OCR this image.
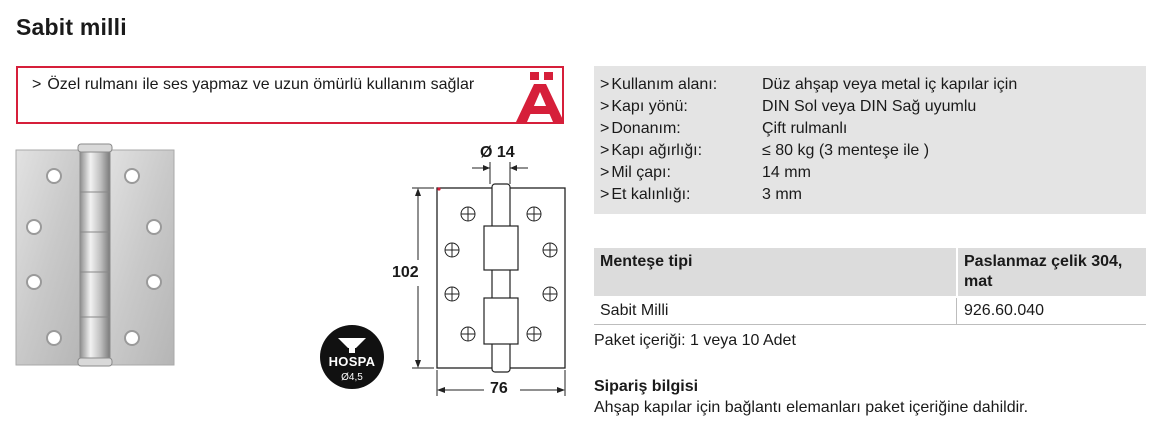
Sabit milli
> Özel rulmanı ile ses yapmaz ve uzun ömürlü kullanım sağlar
Ø 14
102
76
HOSPA
Ø4,5
> Kullanım alanı:	Düz ahşap veya metal iç kapılar için
> Kapı yönü:	DIN Sol veya DIN Sağ uyumlu
> Donanım:	Çift rulmanlı
> Kapı ağırlığı:	≤ 80 kg (3 menteşe ile )
> Mil çapı:	14 mm
> Et kalınlığı:	3 mm
Menteşe tipi	Paslanmaz çelik 304, mat
Sabit Milli	926.60.040
Paket içeriği: 1 veya 10 Adet
Sipariş bilgisi
Ahşap kapılar için bağlantı elemanları paket içeriğine dahildir.
